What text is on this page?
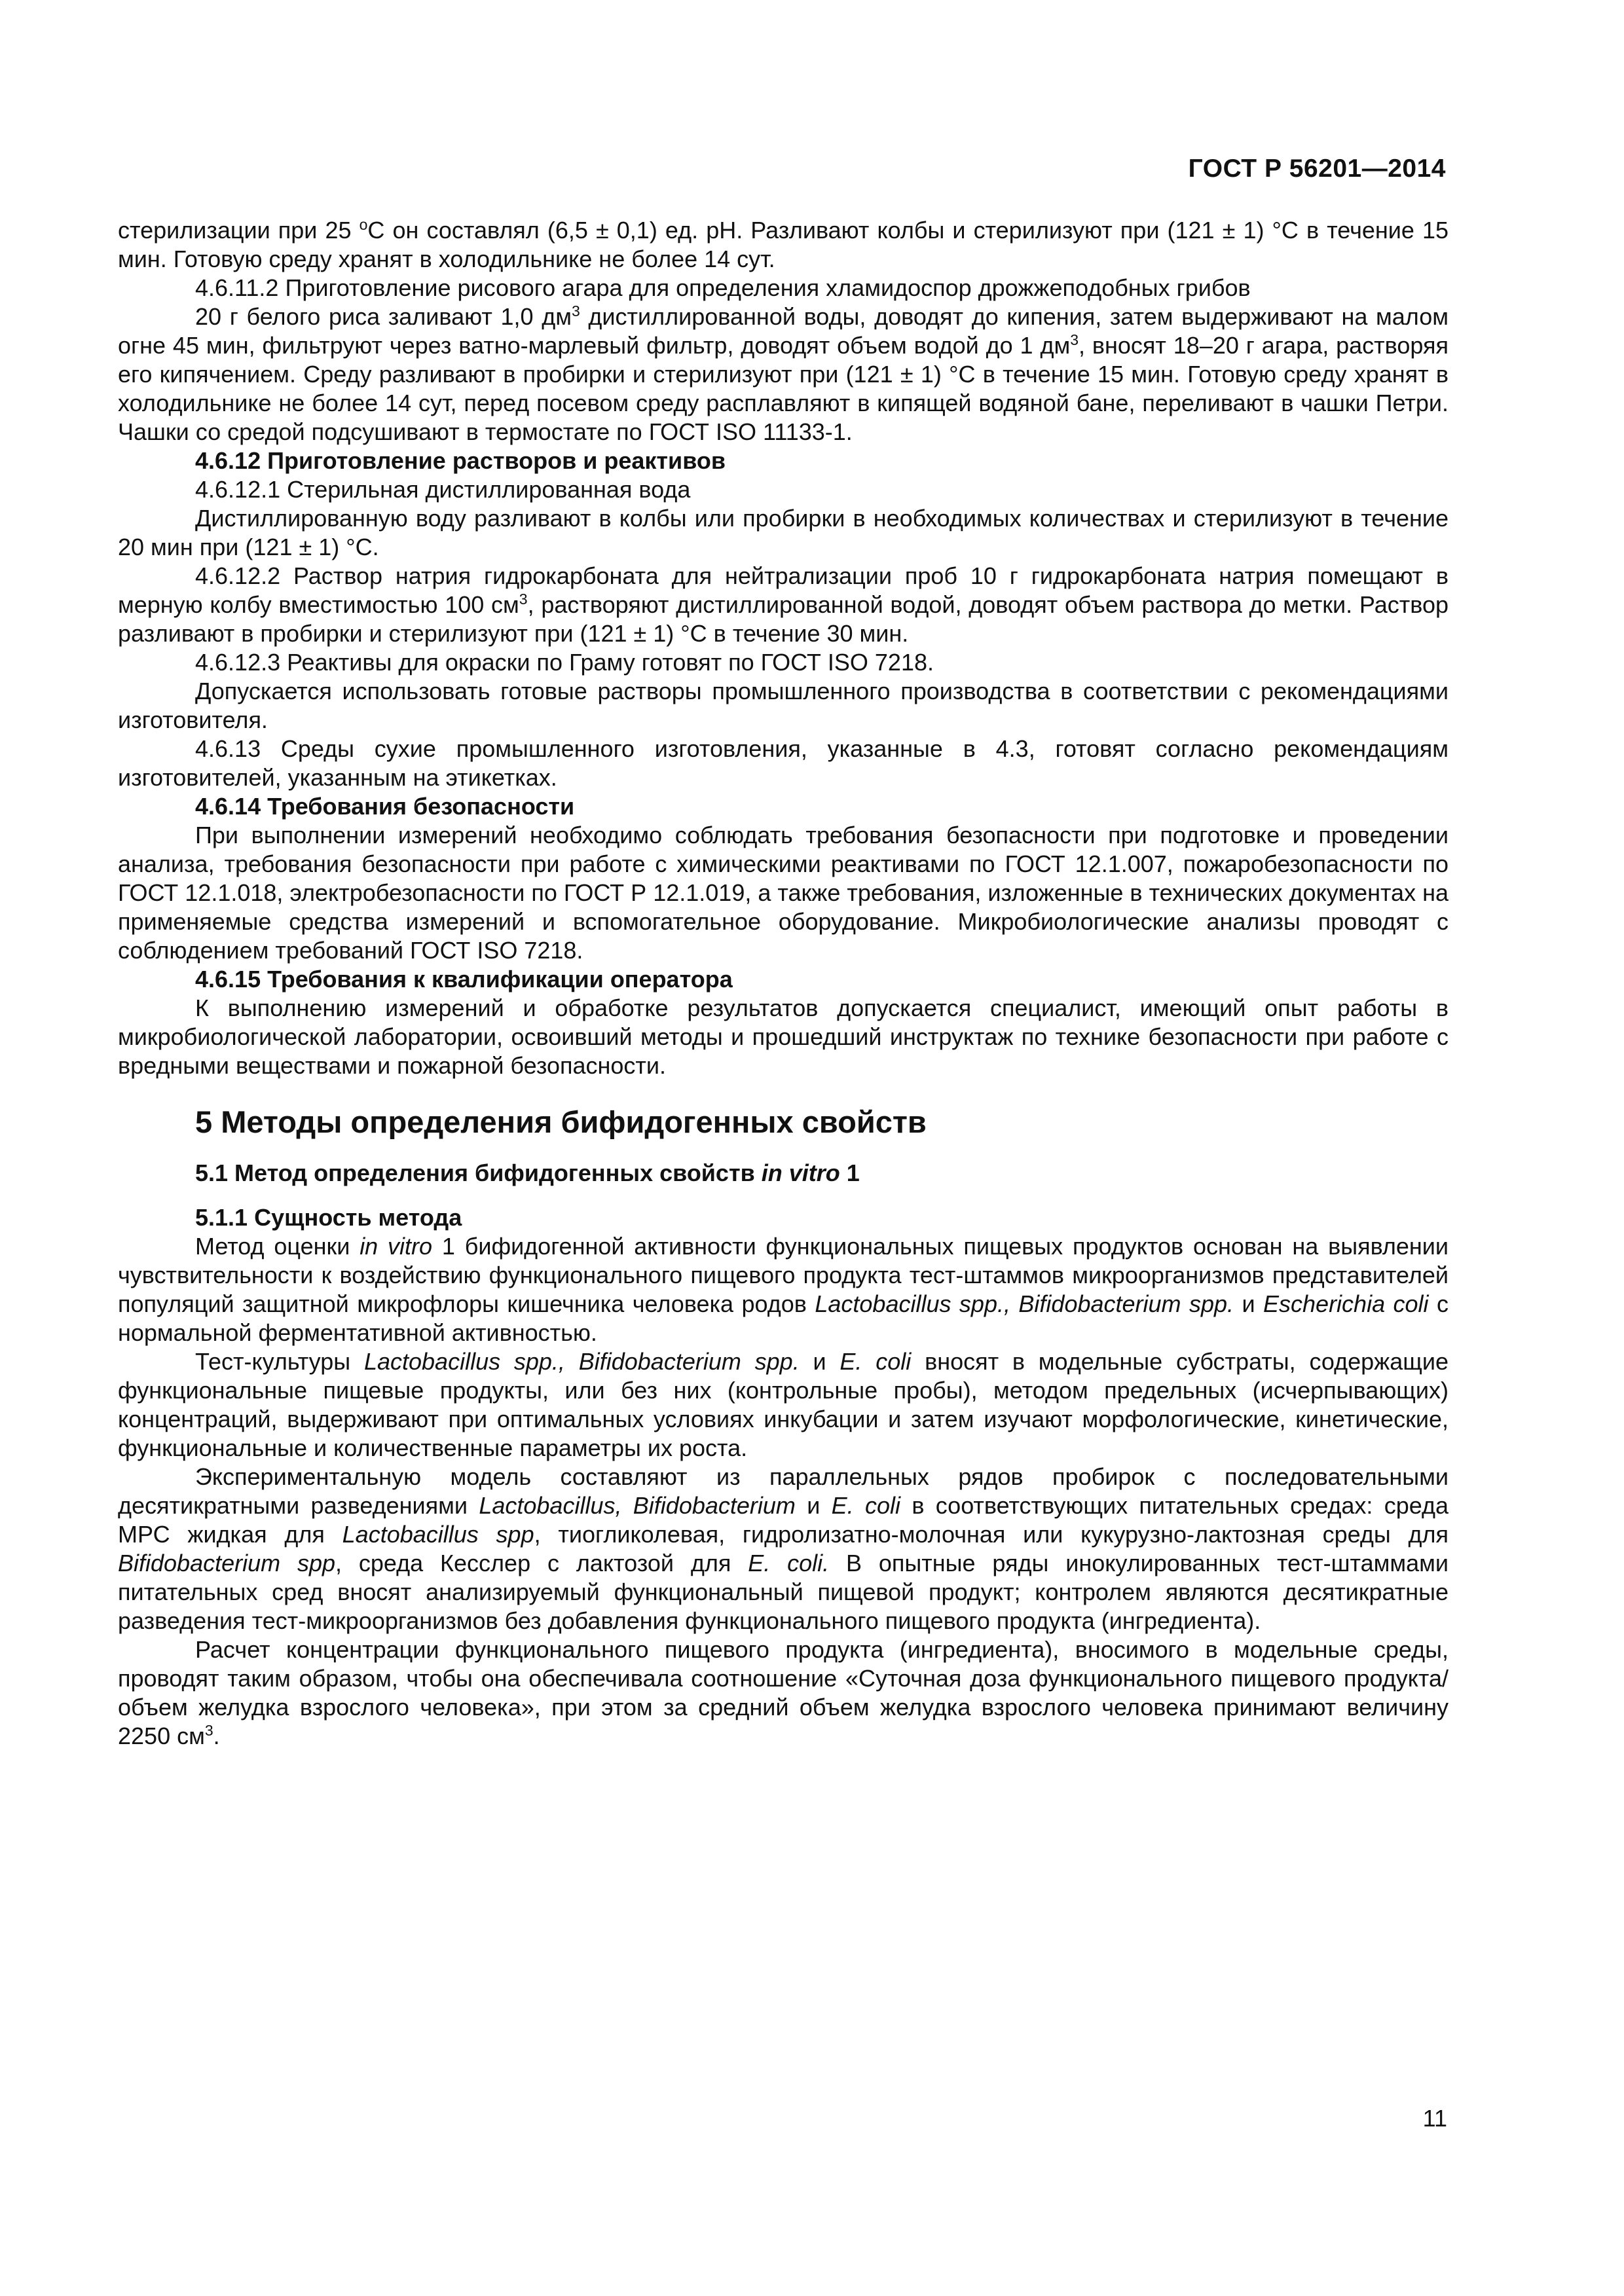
ГОСТ Р 56201—2014

стерилизации при 25 $^о$С он составлял (6,5 ± 0,1) ед. pH. Разливают колбы и стерилизуют при (121 ± 1) °С в течение 15 мин. Готовую среду хранят в холодильнике не более 14 сут.

4.6.11.2 Приготовление рисового агара для определения хламидоспор дрожжеподобных грибов

20 г белого риса заливают 1,0 $дм^3$ дистиллированной воды, доводят до кипения, затем выдерживают на малом огне 45 мин, фильтруют через ватно-марлевый фильтр, доводят объем водой до 1 $дм^3$, вносят 18–20 г агара, растворяя его кипячением. Среду разливают в пробирки и стерилизуют при (121 ± 1) °С в течение 15 мин. Готовую среду хранят в холодильнике не более 14 сут, перед посевом среду расплавляют в кипящей водяной бане, переливают в чашки Петри. Чашки со средой подсушивают в термостате по ГОСТ ISO 11133-1.

4.6.12 Приготовление растворов и реактивов

4.6.12.1 Стерильная дистиллированная вода

Дистиллированную воду разливают в колбы или пробирки в необходимых количествах и стерилизуют в течение 20 мин при (121 ± 1) °С.

4.6.12.2 Раствор натрия гидрокарбоната для нейтрализации проб 10 г гидрокарбоната натрия помещают в мерную колбу вместимостью 100 $см^3$, растворяют дистиллированной водой, доводят объем раствора до метки. Раствор разливают в пробирки и стерилизуют при (121 ± 1) °С в течение 30 мин.

4.6.12.3 Реактивы для окраски по Граму готовят по ГОСТ ISO 7218.

Допускается использовать готовые растворы промышленного производства в соответствии с рекомендациями изготовителя.

4.6.13 Среды сухие промышленного изготовления, указанные в 4.3, готовят согласно рекомендациям изготовителей, указанным на этикетках.

4.6.14 Требования безопасности

При выполнении измерений необходимо соблюдать требования безопасности при подготовке и проведении анализа, требования безопасности при работе с химическими реактивами по ГОСТ 12.1.007, пожаробезопасности по ГОСТ 12.1.018, электробезопасности по ГОСТ Р 12.1.019, а также требования, изложенные в технических документах на применяемые средства измерений и вспомогательное оборудование. Микробиологические анализы проводят с соблюдением требований ГОСТ ISO 7218.

4.6.15 Требования к квалификации оператора

К выполнению измерений и обработке результатов допускается специалист, имеющий опыт работы в микробиологической лаборатории, освоивший методы и прошедший инструктаж по технике безопасности при работе с вредными веществами и пожарной безопасности.

5 Методы определения бифидогенных свойств

5.1 Метод определения бифидогенных свойств in vitro 1

5.1.1 Сущность метода

Метод оценки in vitro 1 бифидогенной активности функциональных пищевых продуктов основан на выявлении чувствительности к воздействию функционального пищевого продукта тест-штаммов микроорганизмов представителей популяций защитной микрофлоры кишечника человека родов Lactobacillus spp., Bifidobacterium spp. и Escherichia coli с нормальной ферментативной активностью.

Тест-культуры Lactobacillus spp., Bifidobacterium spp. и E. coli вносят в модельные субстраты, содержащие функциональные пищевые продукты, или без них (контрольные пробы), методом предельных (исчерпывающих) концентраций, выдерживают при оптимальных условиях инкубации и затем изучают морфологические, кинетические, функциональные и количественные параметры их роста.

Экспериментальную модель составляют из параллельных рядов пробирок с последовательными десятикратными разведениями Lactobacillus, Bifidobacterium и E. coli в соответствующих питательных средах: среда МРС жидкая для Lactobacillus spp, тиогликолевая, гидролизатно-молочная или кукурузно-лактозная среды для Bifidobacterium spp, среда Кесслер с лактозой для E. coli. В опытные ряды инокулированных тест-штаммами питательных сред вносят анализируемый функциональный пищевой продукт; контролем являются десятикратные разведения тест-микроорганизмов без добавления функционального пищевого продукта (ингредиента).

Расчет концентрации функционального пищевого продукта (ингредиента), вносимого в модельные среды, проводят таким образом, чтобы она обеспечивала соотношение «Суточная доза функционального пищевого продукта/объем желудка взрослого человека», при этом за средний объем желудка взрослого человека принимают величину 2250 $см^3$.

11
